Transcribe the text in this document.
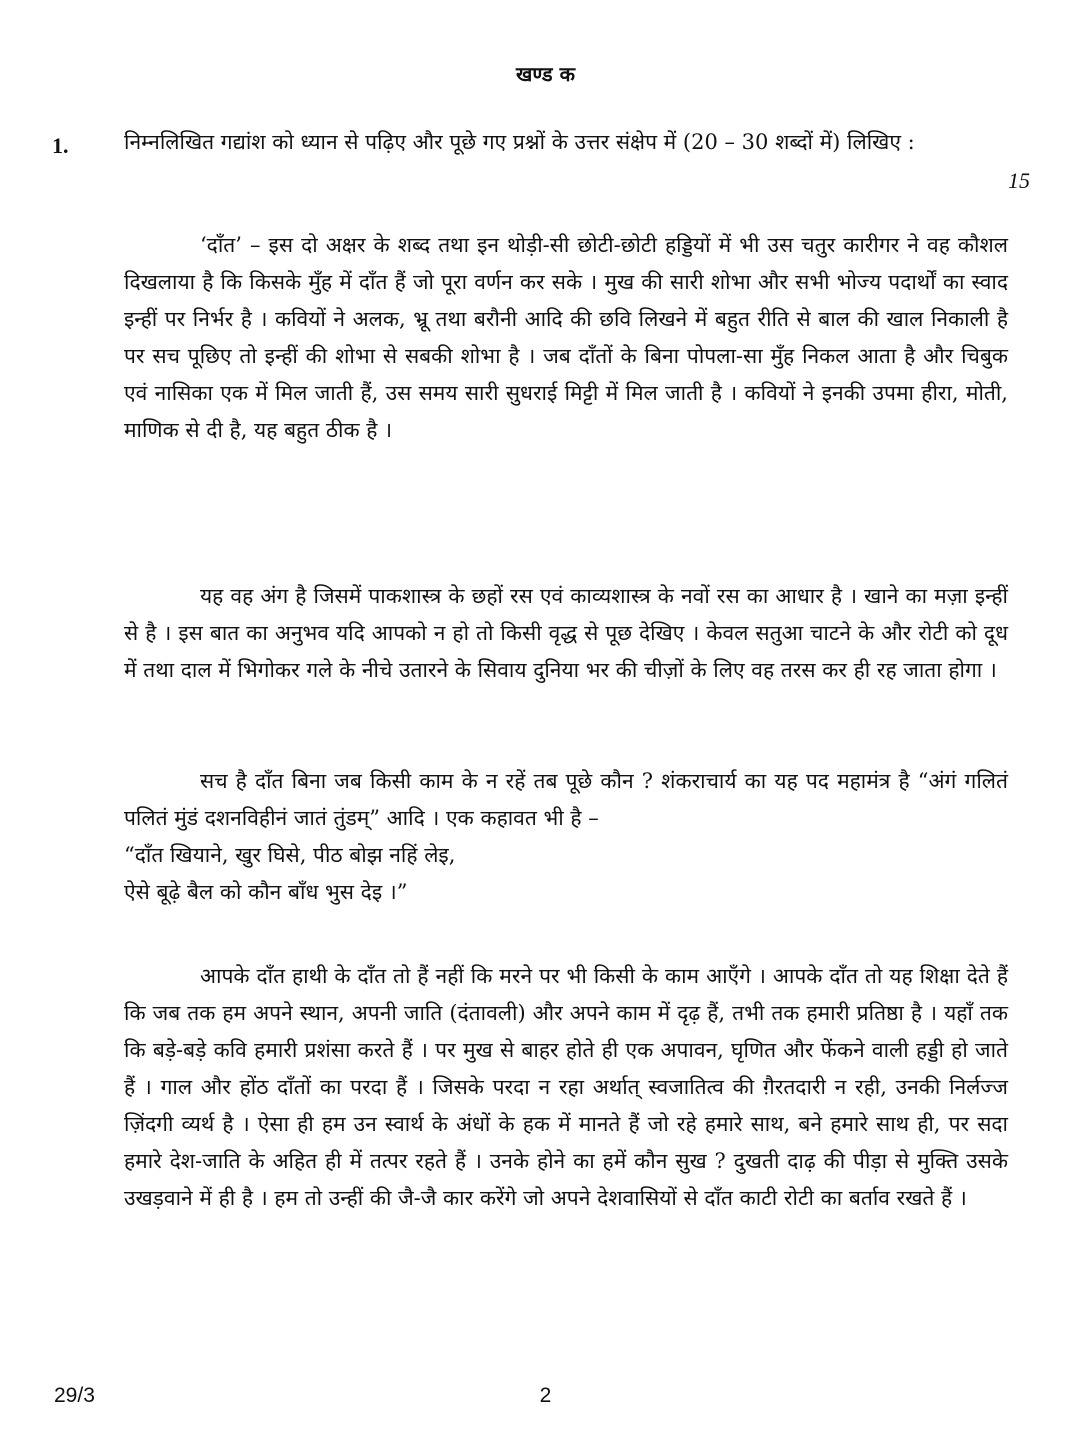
खण्ड क
1.	निम्नलिखित गद्यांश को ध्यान से पढ़िए और पूछे गए प्रश्नों के उत्तर संक्षेप में (20 – 30 शब्दों में) लिखिए :
15

‘दाँत’ – इस दो अक्षर के शब्द तथा इन थोड़ी-सी छोटी-छोटी हड्डियों में भी उस चतुर कारीगर ने वह कौशल दिखलाया है कि किसके मुँह में दाँत हैं जो पूरा वर्णन कर सके । मुख की सारी शोभा और सभी भोज्य पदार्थों का स्वाद इन्हीं पर निर्भर है । कवियों ने अलक, भ्रू तथा बरौनी आदि की छवि लिखने में बहुत रीति से बाल की खाल निकाली है पर सच पूछिए तो इन्हीं की शोभा से सबकी शोभा है । जब दाँतों के बिना पोपला-सा मुँह निकल आता है और चिबुक एवं नासिका एक में मिल जाती हैं, उस समय सारी सुधराई मिट्टी में मिल जाती है । कवियों ने इनकी उपमा हीरा, मोती, माणिक से दी है, यह बहुत ठीक है ।

यह वह अंग है जिसमें पाकशास्त्र के छहों रस एवं काव्यशास्त्र के नवों रस का आधार है । खाने का मज़ा इन्हीं से है । इस बात का अनुभव यदि आपको न हो तो किसी वृद्ध से पूछ देखिए । केवल सतुआ चाटने के और रोटी को दूध में तथा दाल में भिगोकर गले के नीचे उतारने के सिवाय दुनिया भर की चीज़ों के लिए वह तरस कर ही रह जाता होगा ।

सच है दाँत बिना जब किसी काम के न रहें तब पूछे कौन ? शंकराचार्य का यह पद महामंत्र है “अंगं गलितं पलितं मुंडं दशनविहीनं जातं तुंडम्” आदि । एक कहावत भी है –

“दाँत खियाने, खुर घिसे, पीठ बोझ नहिं लेइ,
ऐसे बूढ़े बैल को कौन बाँध भुस देइ ।”

आपके दाँत हाथी के दाँत तो हैं नहीं कि मरने पर भी किसी के काम आएँगे । आपके दाँत तो यह शिक्षा देते हैं कि जब तक हम अपने स्थान, अपनी जाति (दंतावली) और अपने काम में दृढ़ हैं, तभी तक हमारी प्रतिष्ठा है । यहाँ तक कि बड़े-बड़े कवि हमारी प्रशंसा करते हैं । पर मुख से बाहर होते ही एक अपावन, घृणित और फेंकने वाली हड्डी हो जाते हैं । गाल और होंठ दाँतों का परदा हैं । जिसके परदा न रहा अर्थात् स्वजातित्व की ग़ैरतदारी न रही, उनकी निर्लज्ज ज़िंदगी व्यर्थ है । ऐसा ही हम उन स्वार्थ के अंधों के हक में मानते हैं जो रहे हमारे साथ, बने हमारे साथ ही, पर सदा हमारे देश-जाति के अहित ही में तत्पर रहते हैं । उनके होने का हमें कौन सुख ? दुखती दाढ़ की पीड़ा से मुक्ति उसके उखड़वाने में ही है । हम तो उन्हीं की जै-जै कार करेंगे जो अपने देशवासियों से दाँत काटी रोटी का बर्ताव रखते हैं ।

29/3	2
